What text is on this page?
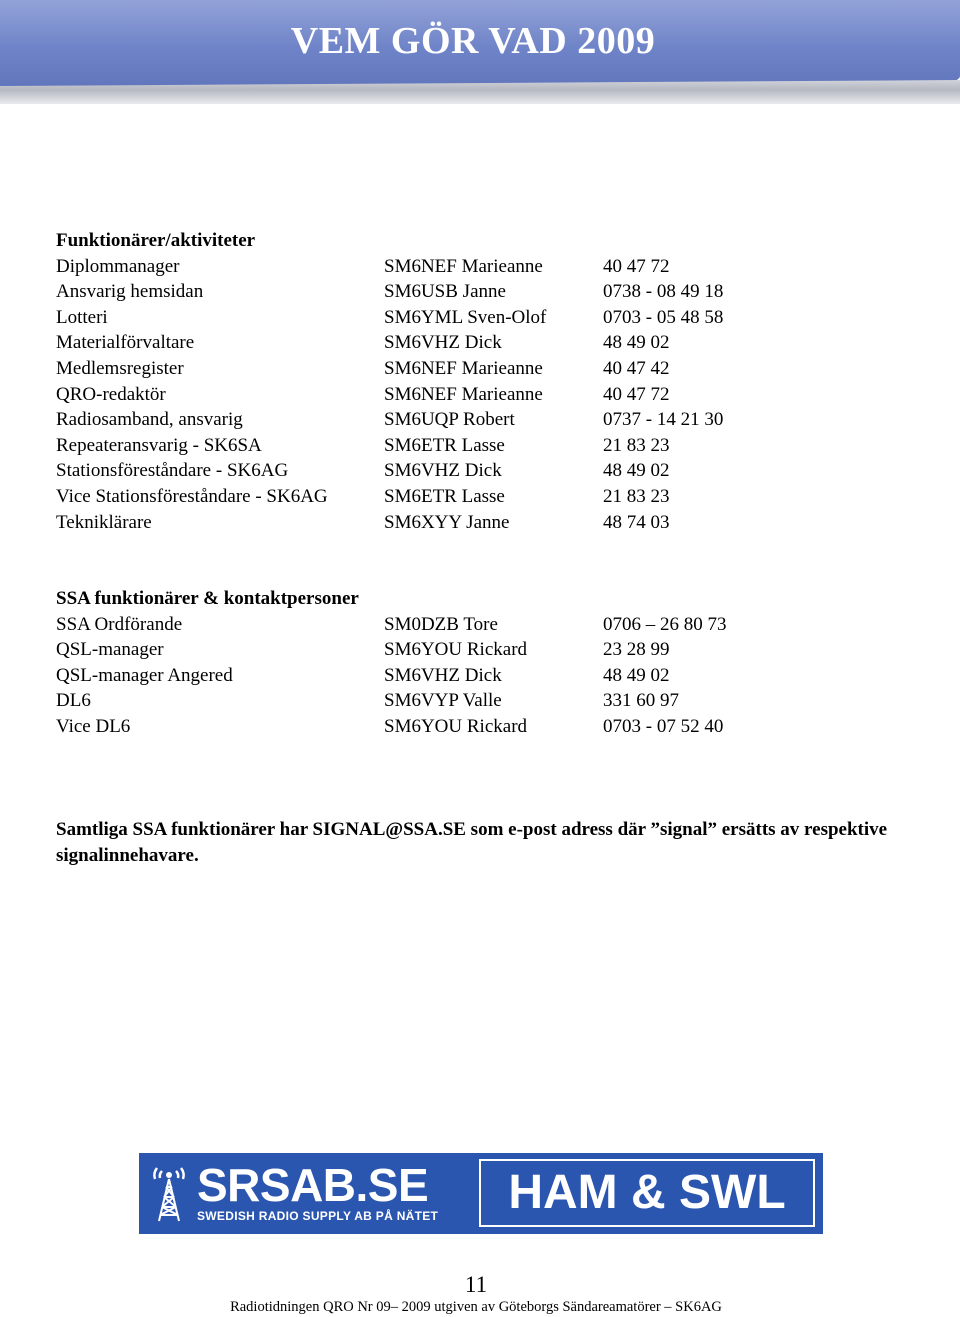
VEM GÖR VAD 2009
Funktionärer/aktiviteter
Diplommanager	SM6NEF Marieanne	40 47 72
Ansvarig hemsidan	SM6USB Janne	0738 - 08 49 18
Lotteri	SM6YML Sven-Olof	0703 - 05 48 58
Materialförvaltare	SM6VHZ Dick	48 49 02
Medlemsregister	SM6NEF Marieanne	40 47 42
QRO-redaktör	SM6NEF Marieanne	40 47 72
Radiosamband, ansvarig	SM6UQP Robert	0737 - 14 21 30
Repeateransvarig - SK6SA	SM6ETR Lasse	21 83 23
Stationsföreståndare - SK6AG	SM6VHZ Dick	48 49 02
Vice Stationsföreståndare - SK6AG	SM6ETR Lasse	21 83 23
Tekniklärare	SM6XYY Janne	48 74 03
SSA funktionärer & kontaktpersoner
SSA Ordförande	SM0DZB Tore	0706 – 26 80 73
QSL-manager	SM6YOU Rickard	23 28 99
QSL-manager Angered	SM6VHZ Dick	48 49 02
DL6	SM6VYP Valle	331 60 97
Vice DL6	SM6YOU Rickard	0703 - 07 52 40
Samtliga SSA funktionärer har SIGNAL@SSA.SE som e-post adress där ”signal” ersätts av respektive signalinnehavare.
SRSAB.SE
SWEDISH RADIO SUPPLY AB PÅ NÄTET	HAM & SWL
11
Radiotidningen QRO Nr 09– 2009 utgiven av Göteborgs Sändareamatörer – SK6AG
